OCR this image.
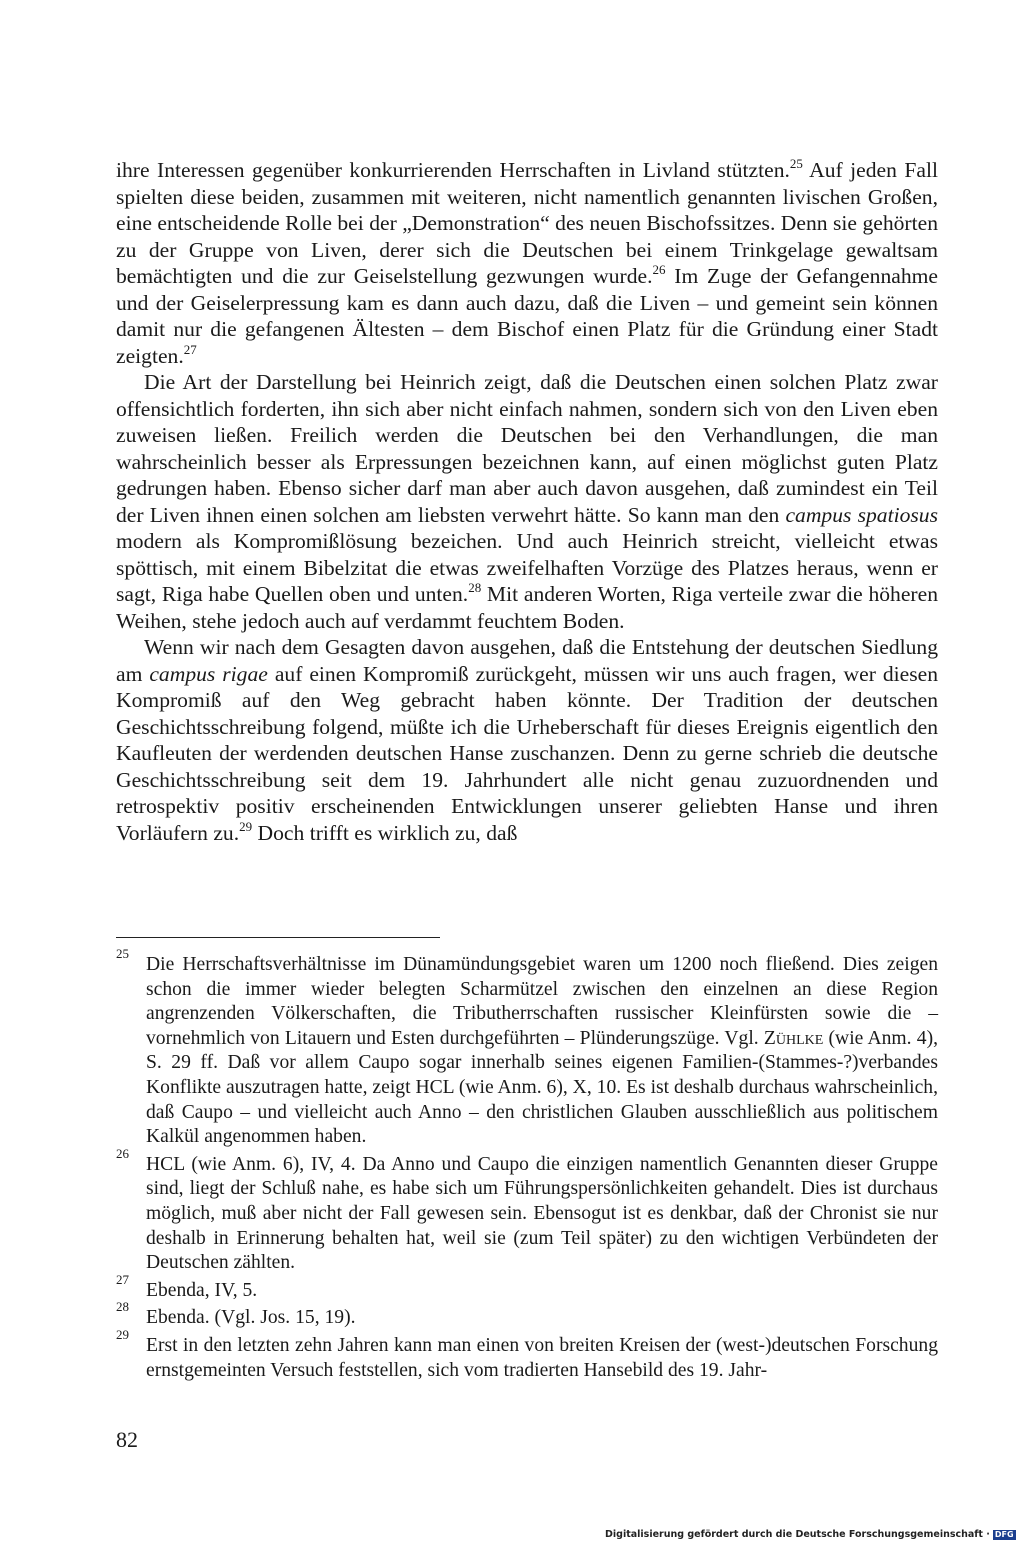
ihre Interessen gegenüber konkurrierenden Herrschaften in Livland stützten.$^{25}$ Auf jeden Fall spielten diese beiden, zusammen mit weiteren, nicht namentlich genannten livischen Großen, eine entscheidende Rolle bei der „Demonstration“ des neuen Bischofssitzes. Denn sie gehörten zu der Gruppe von Liven, derer sich die Deutschen bei einem Trinkgelage gewaltsam bemächtigten und die zur Geiselstellung gezwungen wurde.$^{26}$ Im Zuge der Gefangennahme und der Geiselerpressung kam es dann auch dazu, daß die Liven – und gemeint sein können damit nur die gefangenen Ältesten – dem Bischof einen Platz für die Gründung einer Stadt zeigten.$^{27}$

Die Art der Darstellung bei Heinrich zeigt, daß die Deutschen einen solchen Platz zwar offensichtlich forderten, ihn sich aber nicht einfach nahmen, sondern sich von den Liven eben zuweisen ließen. Freilich werden die Deutschen bei den Verhandlungen, die man wahrscheinlich besser als Erpressungen bezeichnen kann, auf einen möglichst guten Platz gedrungen haben. Ebenso sicher darf man aber auch davon ausgehen, daß zumindest ein Teil der Liven ihnen einen solchen am liebsten verwehrt hätte. So kann man den campus spatiosus modern als Kompromißlösung bezeichen. Und auch Heinrich streicht, vielleicht etwas spöttisch, mit einem Bibelzitat die etwas zweifelhaften Vorzüge des Platzes heraus, wenn er sagt, Riga habe Quellen oben und unten.$^{28}$ Mit anderen Worten, Riga verteile zwar die höheren Weihen, stehe jedoch auch auf verdammt feuchtem Boden.

Wenn wir nach dem Gesagten davon ausgehen, daß die Entstehung der deutschen Siedlung am campus rigae auf einen Kompromiß zurückgeht, müssen wir uns auch fragen, wer diesen Kompromiß auf den Weg gebracht haben könnte. Der Tradition der deutschen Geschichtsschreibung folgend, müßte ich die Urheberschaft für dieses Ereignis eigentlich den Kaufleuten der werdenden deutschen Hanse zuschanzen. Denn zu gerne schrieb die deutsche Geschichtsschreibung seit dem 19. Jahrhundert alle nicht genau zuzuordnenden und retrospektiv positiv erscheinenden Entwicklungen unserer geliebten Hanse und ihren Vorläufern zu.$^{29}$ Doch trifft es wirklich zu, daß

25
Die Herrschaftsverhältnisse im Dünamündungsgebiet waren um 1200 noch fließend. Dies zeigen schon die immer wieder belegten Scharmützel zwischen den einzelnen an diese Region angrenzenden Völkerschaften, die Tributherrschaften russischer Kleinfürsten sowie die – vornehmlich von Litauern und Esten durchgeführten – Plünderungszüge. Vgl. Zühlke (wie Anm. 4), S. 29 ff. Daß vor allem Caupo sogar innerhalb seines eigenen Familien-(Stammes-?)verbandes Konflikte auszutragen hatte, zeigt HCL (wie Anm. 6), X, 10. Es ist deshalb durchaus wahrscheinlich, daß Caupo – und vielleicht auch Anno – den christlichen Glauben ausschließlich aus politischem Kalkül angenommen haben.
26
HCL (wie Anm. 6), IV, 4. Da Anno und Caupo die einzigen namentlich Genannten dieser Gruppe sind, liegt der Schluß nahe, es habe sich um Führungspersönlichkeiten gehandelt. Dies ist durchaus möglich, muß aber nicht der Fall gewesen sein. Ebensogut ist es denkbar, daß der Chronist sie nur deshalb in Erinnerung behalten hat, weil sie (zum Teil später) zu den wichtigen Verbündeten der Deutschen zählten.
27
Ebenda, IV, 5.
28
Ebenda. (Vgl. Jos. 15, 19).
29
Erst in den letzten zehn Jahren kann man einen von breiten Kreisen der (west-)deutschen Forschung ernstgemeinten Versuch feststellen, sich vom tradierten Hansebild des 19. Jahr-
82
Digitalisierung gefördert durch die Deutsche Forschungsgemeinschaft · DFG
